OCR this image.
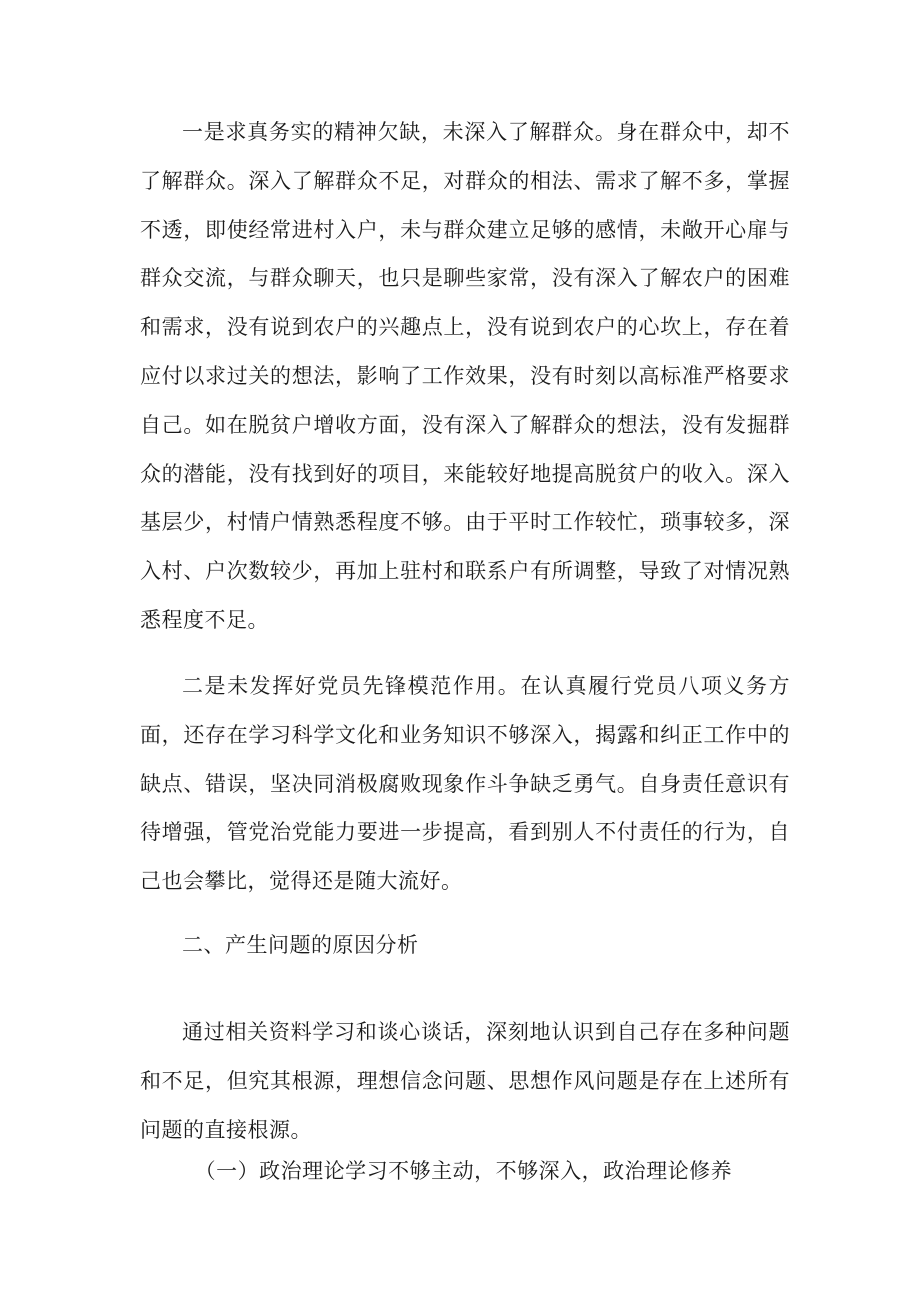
一是求真务实的精神欠缺，未深入了解群众。身在群众中，却不了解群众。深入了解群众不足，对群众的相法、需求了解不多，掌握不透，即使经常进村入户，未与群众建立足够的感情，未敞开心扉与群众交流，与群众聊天，也只是聊些家常，没有深入了解农户的困难和需求，没有说到农户的兴趣点上，没有说到农户的心坎上，存在着应付以求过关的想法，影响了工作效果，没有时刻以高标准严格要求自己。如在脱贫户增收方面，没有深入了解群众的想法，没有发掘群众的潜能，没有找到好的项目，来能较好地提高脱贫户的收入。深入基层少，村情户情熟悉程度不够。由于平时工作较忙，琐事较多，深入村、户次数较少，再加上驻村和联系户有所调整，导致了对情况熟悉程度不足。

二是未发挥好党员先锋模范作用。在认真履行党员八项义务方面，还存在学习科学文化和业务知识不够深入，揭露和纠正工作中的缺点、错误，坚决同消极腐败现象作斗争缺乏勇气。自身责任意识有待增强，管党治党能力要进一步提高，看到别人不付责任的行为，自己也会攀比，觉得还是随大流好。

二、产生问题的原因分析

通过相关资料学习和谈心谈话，深刻地认识到自己存在多种问题和不足，但究其根源，理想信念问题、思想作风问题是存在上述所有问题的直接根源。

（一）政治理论学习不够主动，不够深入，政治理论修养
